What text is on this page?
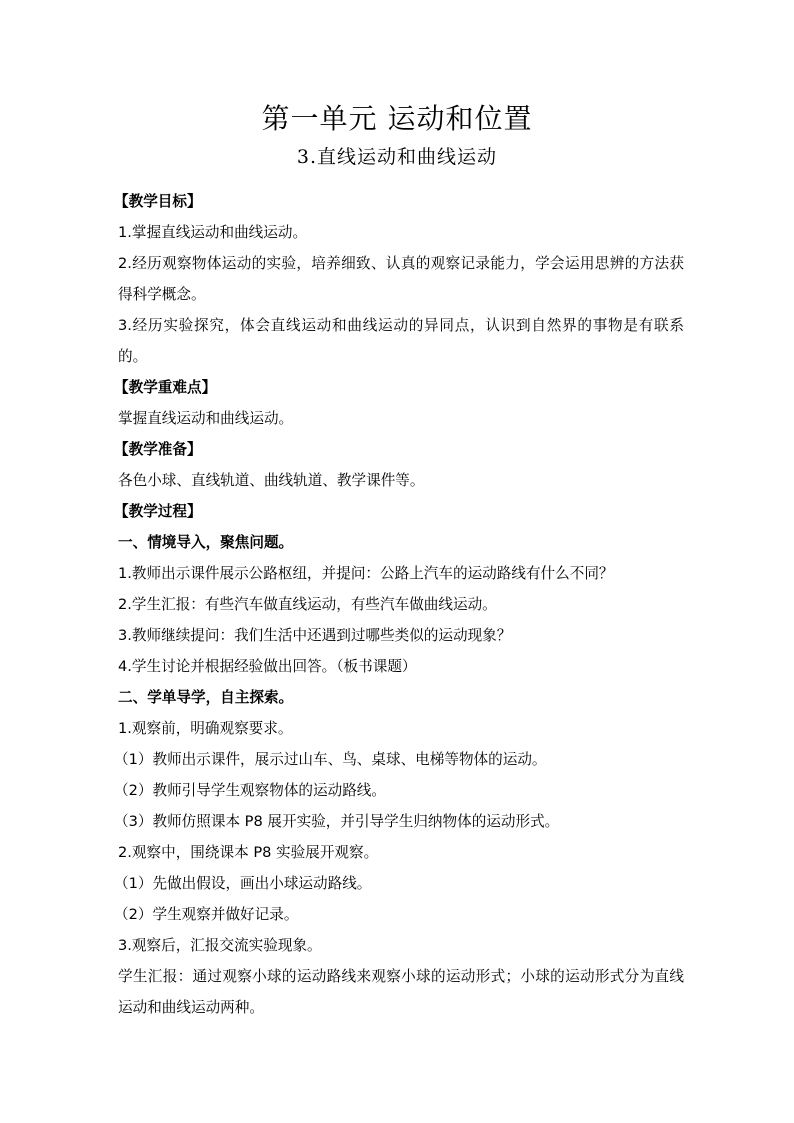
第一单元 运动和位置
3.直线运动和曲线运动

【教学目标】

1.掌握直线运动和曲线运动。

2.经历观察物体运动的实验，培养细致、认真的观察记录能力，学会运用思辨的方法获得科学概念。

3.经历实验探究，体会直线运动和曲线运动的异同点，认识到自然界的事物是有联系的。

【教学重难点】

掌握直线运动和曲线运动。

【教学准备】

各色小球、直线轨道、曲线轨道、教学课件等。

【教学过程】

一、情境导入，聚焦问题。

1.教师出示课件展示公路枢纽，并提问：公路上汽车的运动路线有什么不同？

2.学生汇报：有些汽车做直线运动，有些汽车做曲线运动。

3.教师继续提问：我们生活中还遇到过哪些类似的运动现象？

4.学生讨论并根据经验做出回答。（板书课题）

二、学单导学，自主探索。

1.观察前，明确观察要求。

（1）教师出示课件，展示过山车、鸟、桌球、电梯等物体的运动。

（2）教师引导学生观察物体的运动路线。

（3）教师仿照课本 P8 展开实验，并引导学生归纳物体的运动形式。

2.观察中，围绕课本 P8 实验展开观察。

（1）先做出假设，画出小球运动路线。

（2）学生观察并做好记录。

3.观察后，汇报交流实验现象。

学生汇报：通过观察小球的运动路线来观察小球的运动形式；小球的运动形式分为直线运动和曲线运动两种。
